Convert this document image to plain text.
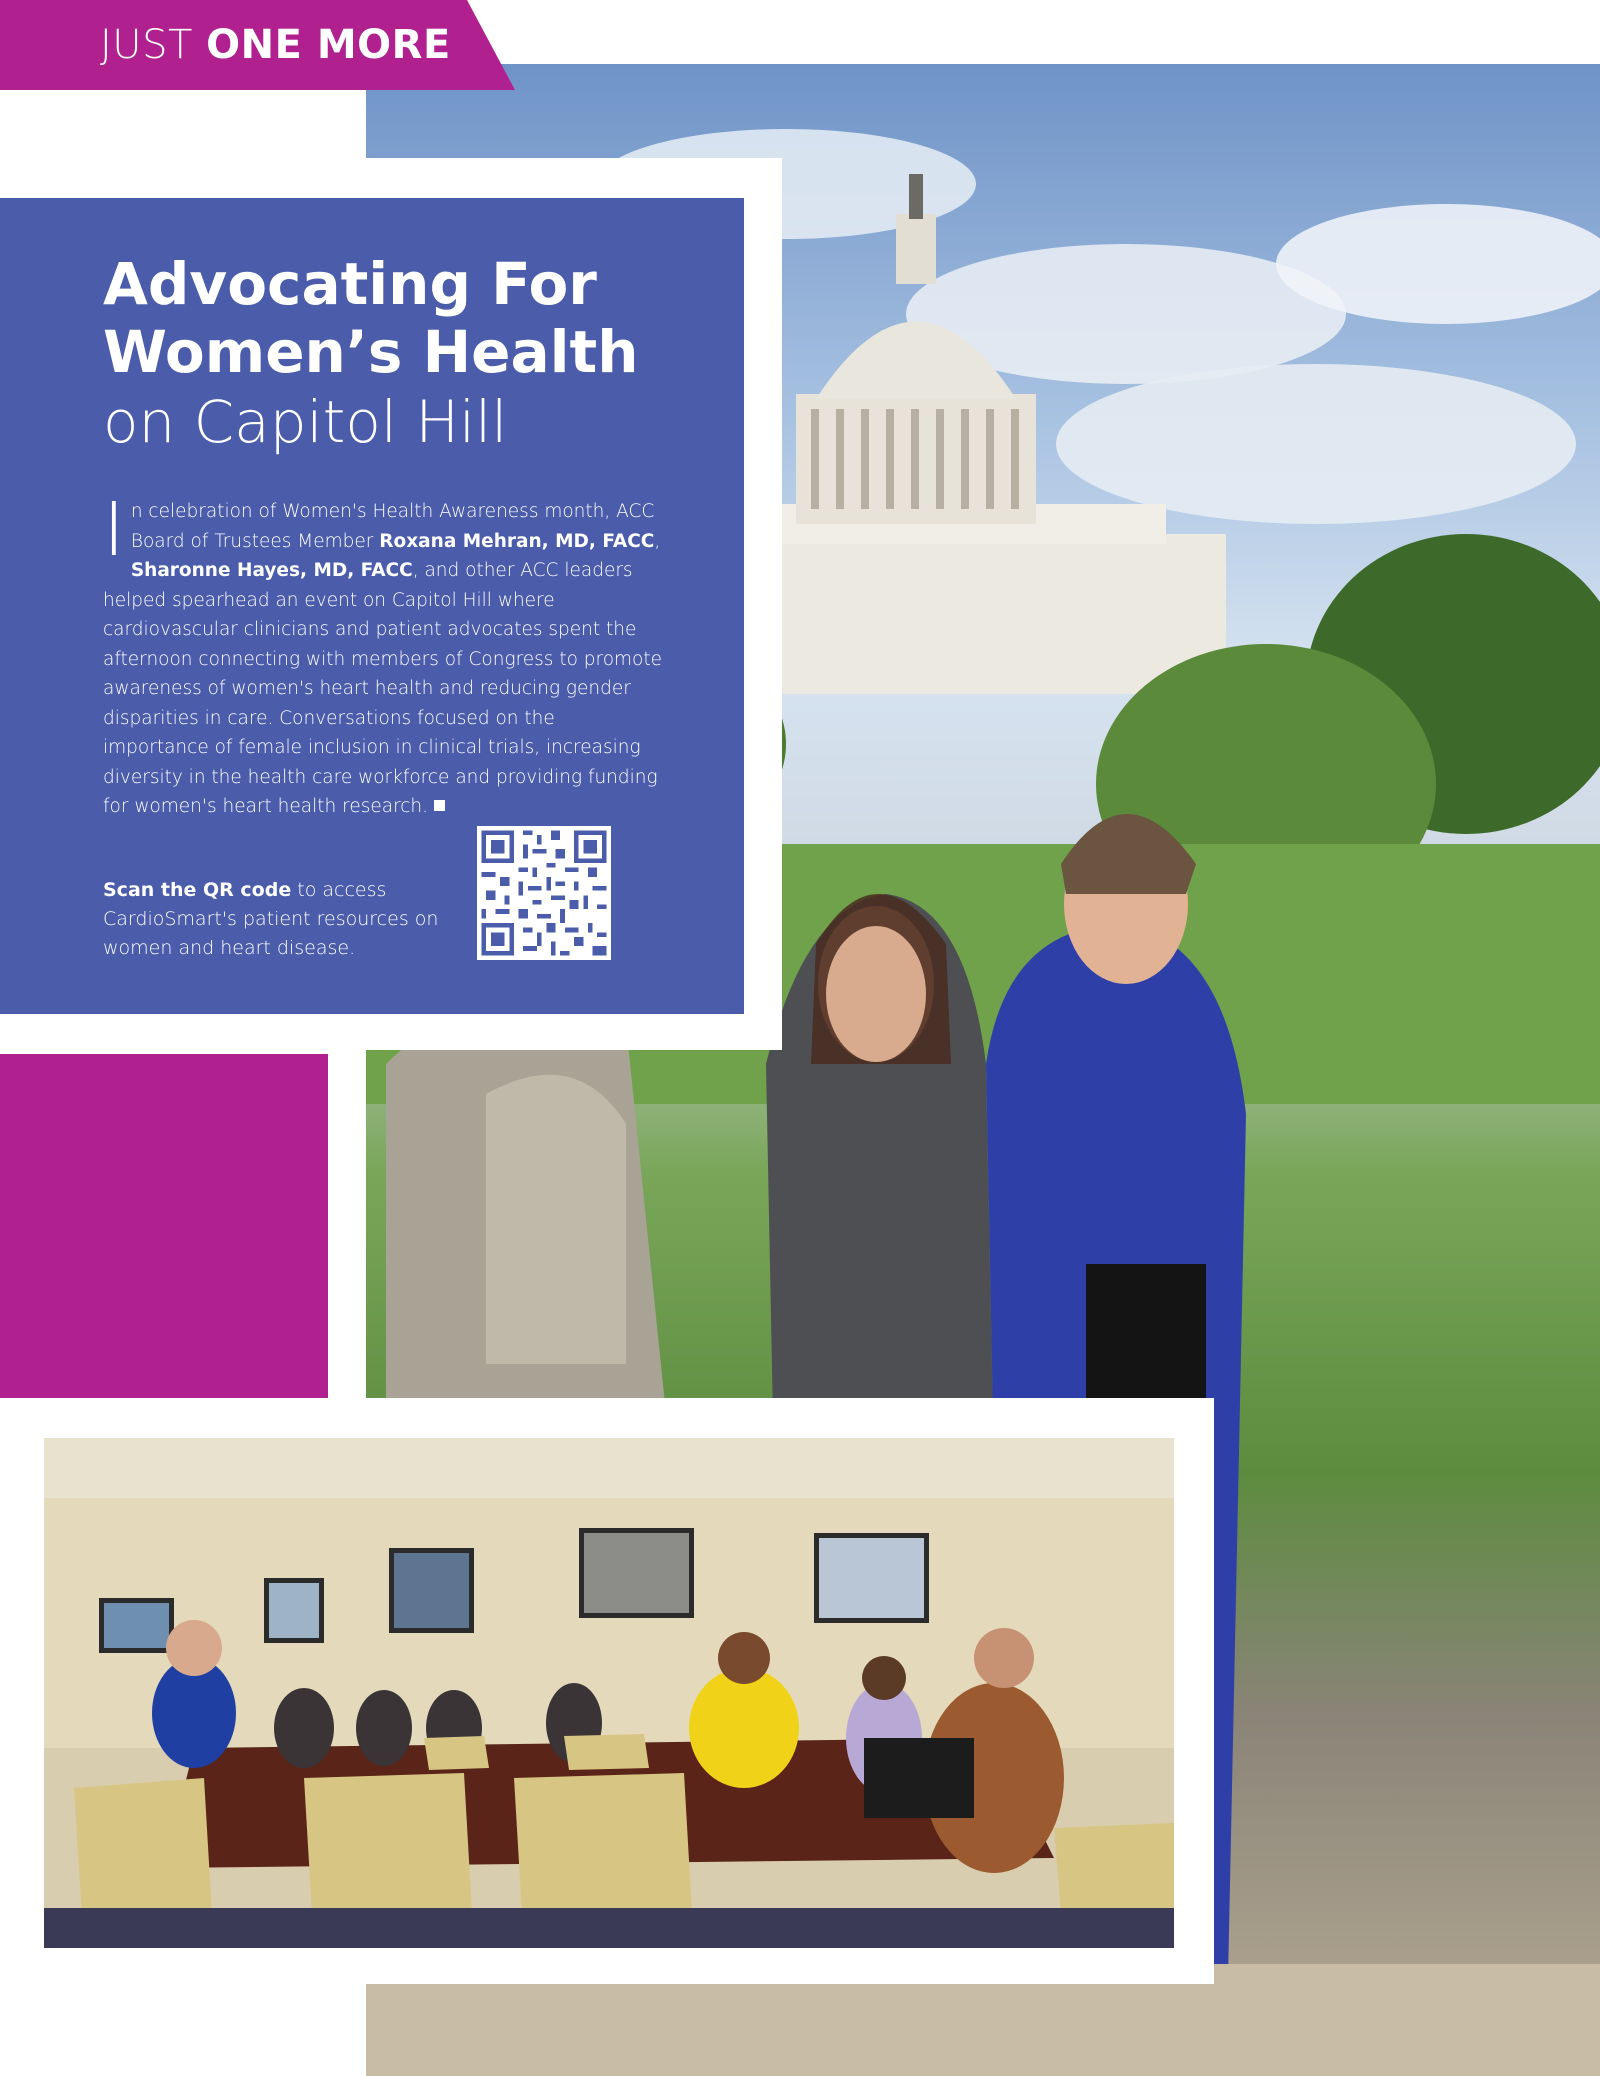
JUST ONE MORE
Advocating For
Women’s Health
on Capitol Hill
In celebration of Women's Health Awareness month, ACC Board of Trustees Member Roxana Mehran, MD, FACC, Sharonne Hayes, MD, FACC, and other ACC leaders helped spearhead an event on Capitol Hill where cardiovascular clinicians and patient advocates spent the afternoon connecting with members of Congress to promote awareness of women's heart health and reducing gender disparities in care. Conversations focused on the importance of female inclusion in clinical trials, increasing diversity in the health care workforce and providing funding for women's heart health research.
Scan the QR code to access CardioSmart's patient resources on women and heart disease.
